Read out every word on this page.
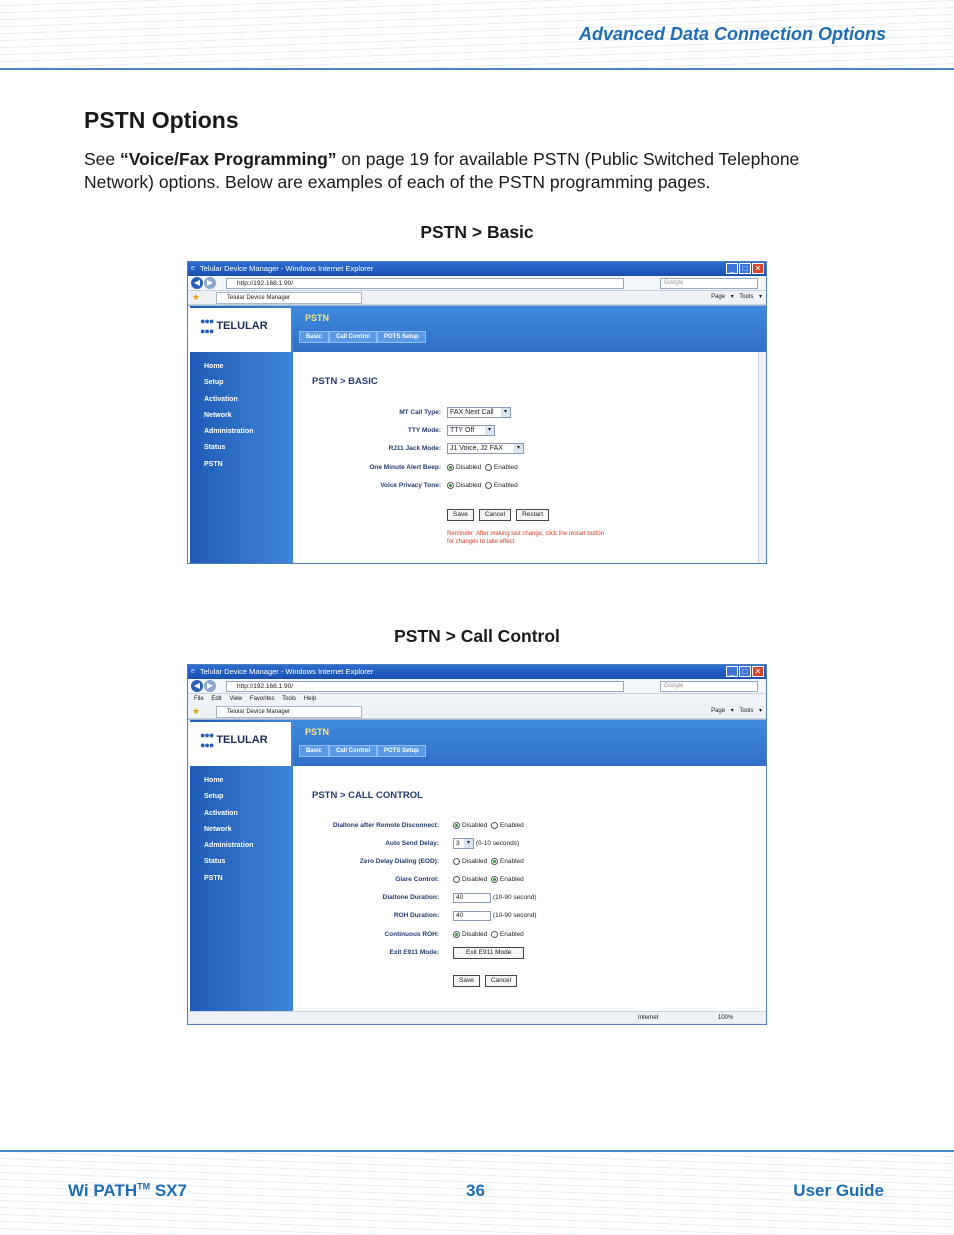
Advanced Data Connection Options
PSTN Options

See “Voice/Fax Programming” on page 19 for available PSTN (Public Switched Telephone Network) options. Below are examples of each of the PSTN programming pages.

PSTN > Basic
e Telular Device Manager - Windows Internet Explorer	_	□ ✕
◀ ▶	http://192.168.1.90/	Google
★	Telular Device Manager	Page ▾ Tools ▾
Home
Setup
Activation
Network
Administration
Status
PSTN
●●●
●●● TELULAR
PSTN
Basic	Call Control	POTS Setup
PSTN > BASIC
MT Call Type:	FAX Next Call ▾
TTY Mode:	TTY Off ▾
RJ11 Jack Mode:	J1 Voice, J2 FAX ▾
One Minute Alert Beep:	Disabled Enabled
Voice Privacy Tone:	Disabled Enabled
Save	Cancel	Restart
Reminder: After making last change, click the restart button for changes to take effect.
PSTN > Call Control
e Telular Device Manager - Windows Internet Explorer	_	□ ✕
◀ ▶	http://192.168.1.90/	Google
File Edit View Favorites Tools Help
★	Telular Device Manager	Page ▾ Tools ▾
Home
Setup
Activation
Network
Administration
Status
PSTN
●●●
●●● TELULAR
PSTN
Basic	Call Control	POTS Setup
PSTN > CALL CONTROL
Dialtone after Remote Disconnect:	Disabled Enabled
Auto Send Delay:	3 ▾ (0-10 seconds)
Zero Delay Dialing (EOD):	Disabled Enabled
Glare Control:	Disabled Enabled
Dialtone Duration:	40	(10-90 second)
ROH Duration:	40	(10-90 second)
Continuous ROH:	Disabled Enabled
Exit E911 Mode:	Exit E911 Mode
Save	Cancel
Internet	100%
Wi PATH™ SX7	36	User Guide
